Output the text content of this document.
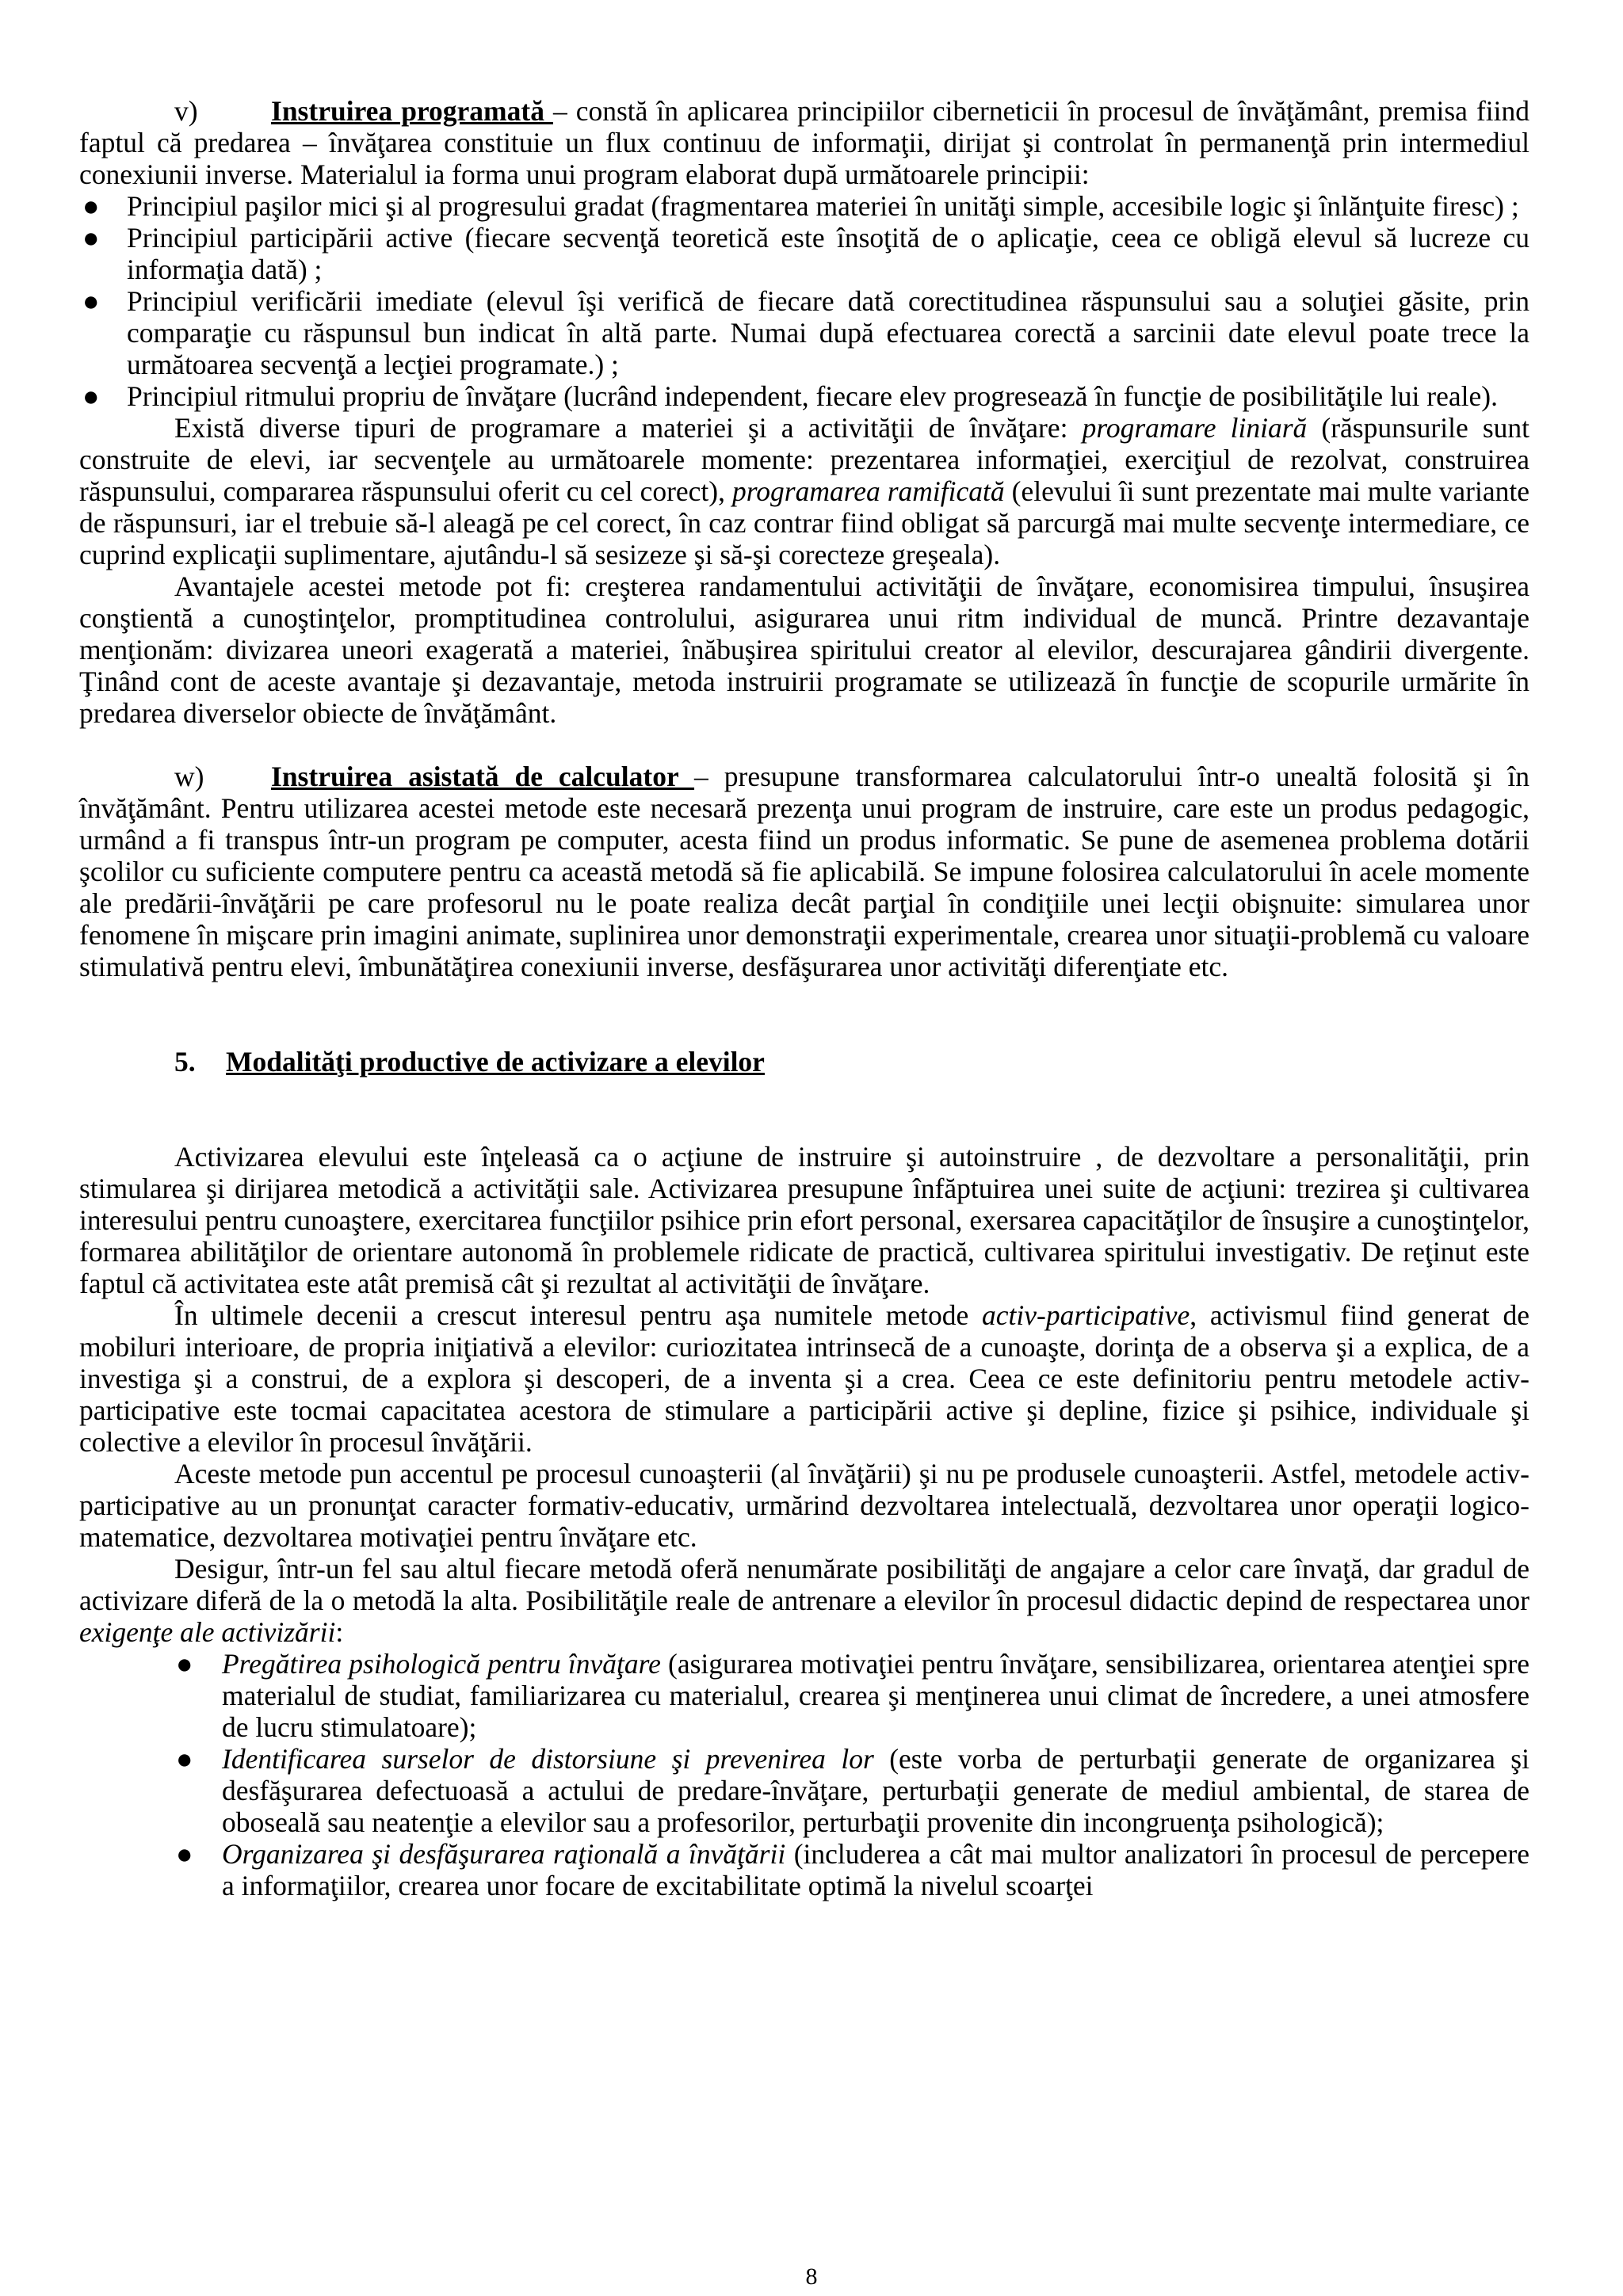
v)	Instruirea programată – constă în aplicarea principiilor ciberneticii în procesul de învăţământ, premisa fiind faptul că predarea – învăţarea constituie un flux continuu de informaţii, dirijat şi controlat în permanenţă prin intermediul conexiunii inverse. Materialul ia forma unui program elaborat după următoarele principii:

● Principiul paşilor mici şi al progresului gradat (fragmentarea materiei în unităţi simple, accesibile logic şi înlănţuite firesc) ;
● Principiul participării active (fiecare secvenţă teoretică este însoţită de o aplicaţie, ceea ce obligă elevul să lucreze cu informaţia dată) ;
● Principiul verificării imediate (elevul îşi verifică de fiecare dată corectitudinea răspunsului sau a soluţiei găsite, prin comparaţie cu răspunsul bun indicat în altă parte. Numai după efectuarea corectă a sarcinii date elevul poate trece la următoarea secvenţă a lecţiei programate.) ;
● Principiul ritmului propriu de învăţare (lucrând independent, fiecare elev progresează în funcţie de posibilităţile lui reale).

Există diverse tipuri de programare a materiei şi a activităţii de învăţare: programare liniară (răspunsurile sunt construite de elevi, iar secvenţele au următoarele momente: prezentarea informaţiei, exerciţiul de rezolvat, construirea răspunsului, compararea răspunsului oferit cu cel corect), programarea ramificată (elevului îi sunt prezentate mai multe variante de răspunsuri, iar el trebuie să-l aleagă pe cel corect, în caz contrar fiind obligat să parcurgă mai multe secvenţe intermediare, ce cuprind explicaţii suplimentare, ajutându-l să sesizeze şi să-şi corecteze greşeala).

Avantajele acestei metode pot fi: creşterea randamentului activităţii de învăţare, economisirea timpului, însuşirea conştientă a cunoştinţelor, promptitudinea controlului, asigurarea unui ritm individual de muncă. Printre dezavantaje menţionăm: divizarea uneori exagerată a materiei, înăbuşirea spiritului creator al elevilor, descurajarea gândirii divergente. Ţinând cont de aceste avantaje şi dezavantaje, metoda instruirii programate se utilizează în funcţie de scopurile urmărite în predarea diverselor obiecte de învăţământ.

w) Instruirea asistată de calculator – presupune transformarea calculatorului într-o unealtă folosită şi în învăţământ. Pentru utilizarea acestei metode este necesară prezenţa unui program de instruire, care este un produs pedagogic, urmând a fi transpus într-un program pe computer, acesta fiind un produs informatic. Se pune de asemenea problema dotării şcolilor cu suficiente computere pentru ca această metodă să fie aplicabilă. Se impune folosirea calculatorului în acele momente ale predării-învăţării pe care profesorul nu le poate realiza decât parţial în condiţiile unei lecţii obişnuite: simularea unor fenomene în mişcare prin imagini animate, suplinirea unor demonstraţii experimentale, crearea unor situaţii-problemă cu valoare stimulativă pentru elevi, îmbunătăţirea conexiunii inverse, desfăşurarea unor activităţi diferenţiate etc.

5. Modalităţi productive de activizare a elevilor

Activizarea elevului este înţeleasă ca o acţiune de instruire şi autoinstruire , de dezvoltare a personalităţii, prin stimularea şi dirijarea metodică a activităţii sale. Activizarea presupune înfăptuirea unei suite de acţiuni: trezirea şi cultivarea interesului pentru cunoaştere, exercitarea funcţiilor psihice prin efort personal, exersarea capacităţilor de însuşire a cunoştinţelor, formarea abilităţilor de orientare autonomă în problemele ridicate de practică, cultivarea spiritului investigativ. De reţinut este faptul că activitatea este atât premisă cât şi rezultat al activităţii de învăţare.

În ultimele decenii a crescut interesul pentru aşa numitele metode activ-participative, activismul fiind generat de mobiluri interioare, de propria iniţiativă a elevilor: curiozitatea intrinsecă de a cunoaşte, dorinţa de a observa şi a explica, de a investiga şi a construi, de a explora şi descoperi, de a inventa şi a crea. Ceea ce este definitoriu pentru metodele activ-participative este tocmai capacitatea acestora de stimulare a participării active şi depline, fizice şi psihice, individuale şi colective a elevilor în procesul învăţării.

Aceste metode pun accentul pe procesul cunoaşterii (al învăţării) şi nu pe produsele cunoaşterii. Astfel, metodele activ-participative au un pronunţat caracter formativ-educativ, urmărind dezvoltarea intelectuală, dezvoltarea unor operaţii logico-matematice, dezvoltarea motivaţiei pentru învăţare etc.

Desigur, într-un fel sau altul fiecare metodă oferă nenumărate posibilităţi de angajare a celor care învaţă, dar gradul de activizare diferă de la o metodă la alta. Posibilităţile reale de antrenare a elevilor în procesul didactic depind de respectarea unor exigenţe ale activizării:

● Pregătirea psihologică pentru învăţare (asigurarea motivaţiei pentru învăţare, sensibilizarea, orientarea atenţiei spre materialul de studiat, familiarizarea cu materialul, crearea şi menţinerea unui climat de încredere, a unei atmosfere de lucru stimulatoare);
● Identificarea surselor de distorsiune şi prevenirea lor (este vorba de perturbaţii generate de organizarea şi desfăşurarea defectuoasă a actului de predare-învăţare, perturbaţii generate de mediul ambiental, de starea de oboseală sau neatenţie a elevilor sau a profesorilor, perturbaţii provenite din incongruenţa psihologică);
● Organizarea şi desfăşurarea raţională a învăţării (includerea a cât mai multor analizatori în procesul de percepere a informaţiilor, crearea unor focare de excitabilitate optimă la nivelul scoarţei
8
